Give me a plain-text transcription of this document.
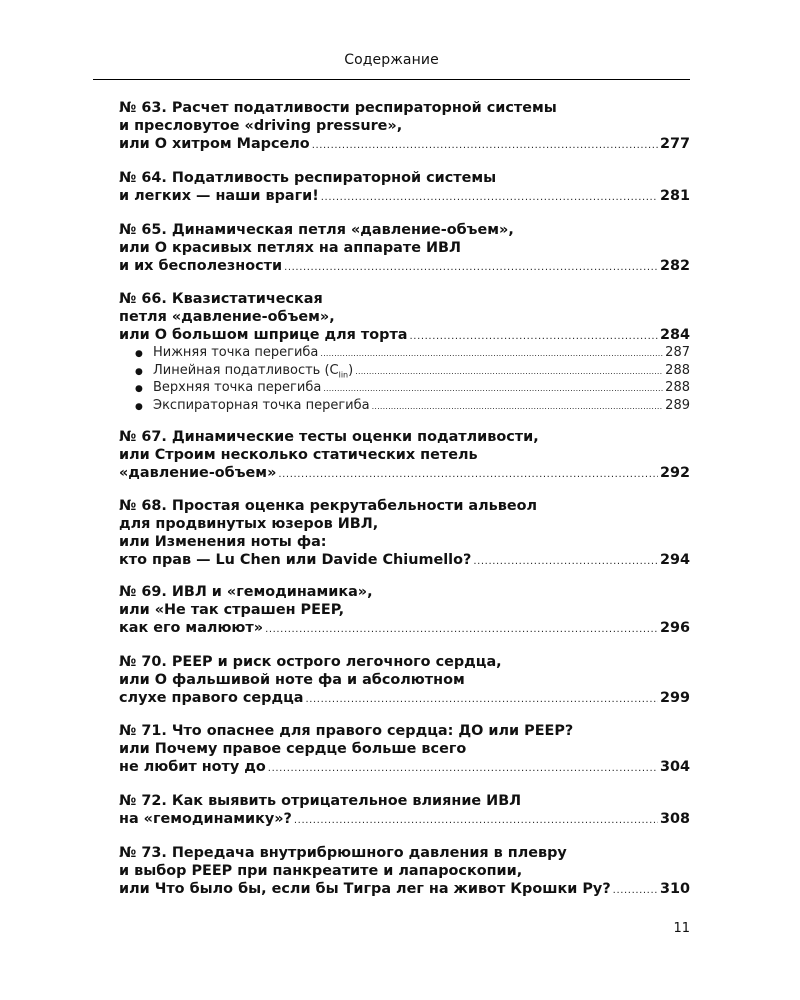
Содержание
№ 63. Расчет податливости респираторной системы
и пресловутое «driving pressure»,
или О хитром Марсело .....	277
№ 64. Податливость респираторной системы
и легких — наши враги! .....	281
№ 65. Динамическая петля «давление-объем»,
или О красивых петлях на аппарате ИВЛ
и их бесполезности .....	282
№ 66. Квазистатическая
петля «давление-объем»,
или О большом шприце для торта .....	284
● Нижняя точка перегиба .....	287
● Линейная податливость $(C_{lin})$ .....	288
● Верхняя точка перегиба .....	288
● Экспираторная точка перегиба .....	289
№ 67. Динамические тесты оценки податливости,
или Строим несколько статических петель
«давление-объем» .....	292
№ 68. Простая оценка рекрутабельности альвеол
для продвинутых юзеров ИВЛ,
или Изменения ноты фа:
кто прав — Lu Chen или Davide Chiumello? .....	294
№ 69. ИВЛ и «гемодинамика»,
или «Не так страшен PEEP,
как его малюют» .....	296
№ 70. PEEP и риск острого легочного сердца,
или О фальшивой ноте фа и абсолютном
слухе правого сердца .....	299
№ 71. Что опаснее для правого сердца: ДО или PEEP?
или Почему правое сердце больше всего
не любит ноту до .....	304
№ 72. Как выявить отрицательное влияние ИВЛ
на «гемодинамику»? .....	308
№ 73. Передача внутрибрюшного давления в плевру
и выбор PEEP при панкреатите и лапароскопии,
или Что было бы, если бы Тигра лег на живот Крошки Ру? .....	310
11
